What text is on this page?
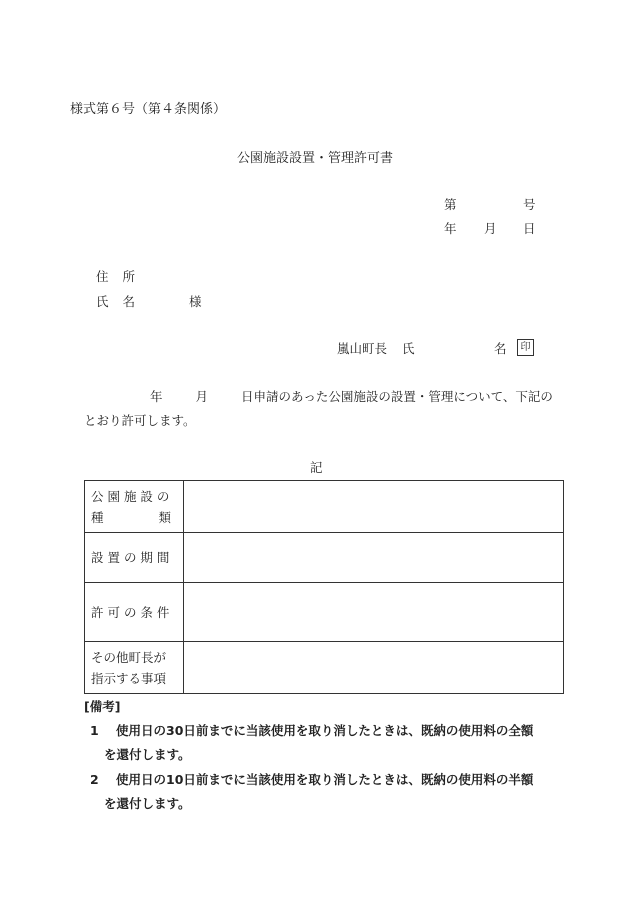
様式第６号（第４条関係）
公園施設設置・管理許可書
第	号
年 月 日
住 所
氏 名	様
嵐山町長 氏	名	印
年	月	日申請のあった公園施設の設置・管理について、下記の
とおり許可します。
記
公 園 施 設 の
種 類	

設 置 の 期 間	

許 可 の 条 件	

その他町長が
指示する事項	

[備考]
1 使用日の30日前までに当該使用を取り消したときは、既納の使用料の全額
を還付します。
2 使用日の10日前までに当該使用を取り消したときは、既納の使用料の半額
を還付します。
